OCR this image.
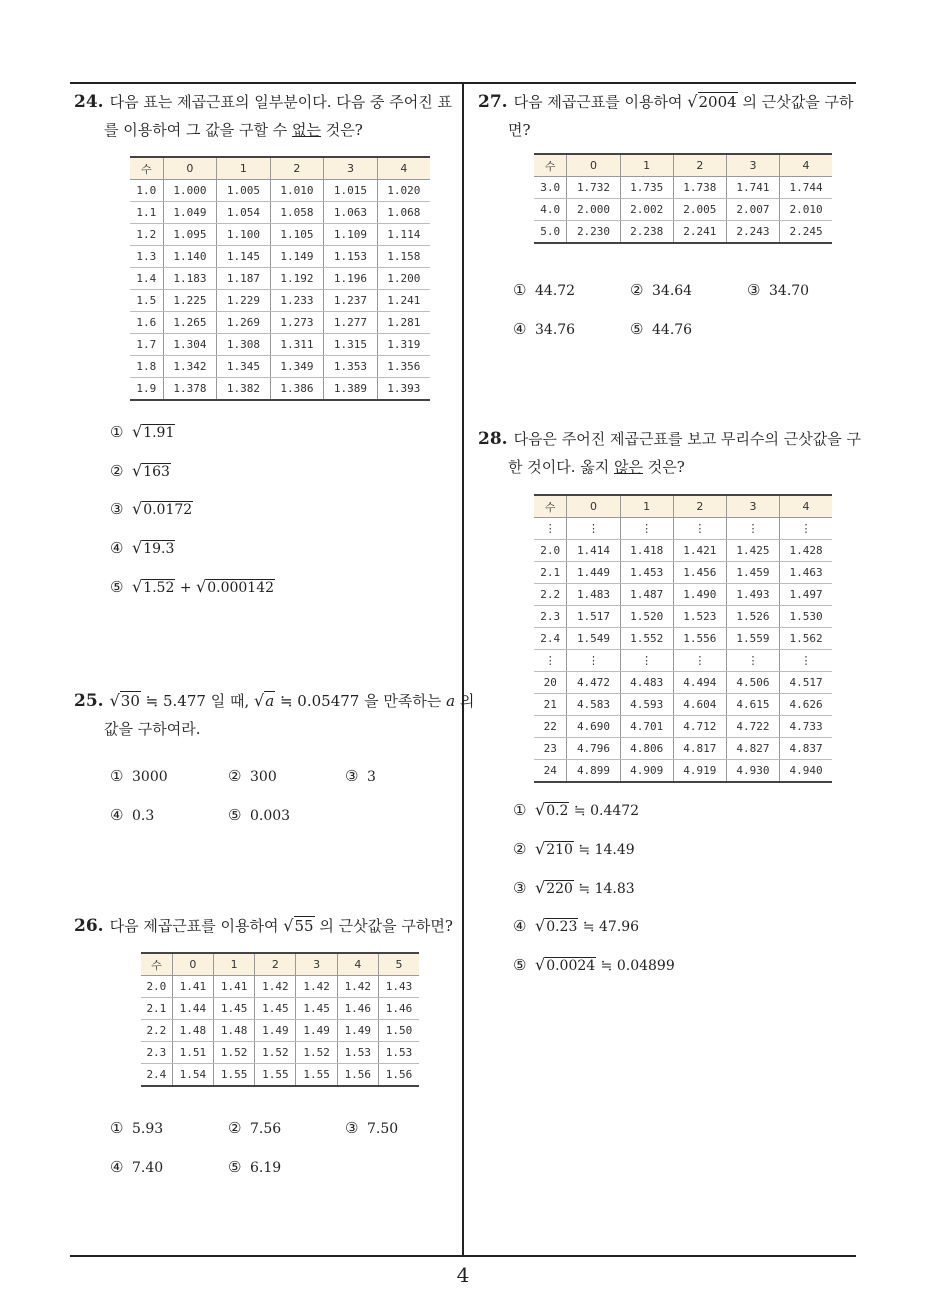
4
24. 다음 표는 제곱근표의 일부분이다. 다음 중 주어진 표
를 이용하여 그 값을 구할 수 없는 것은?
수	0	1	2	3	4
1.0	1.000	1.005	1.010	1.015	1.020
1.1	1.049	1.054	1.058	1.063	1.068
1.2	1.095	1.100	1.105	1.109	1.114
1.3	1.140	1.145	1.149	1.153	1.158
1.4	1.183	1.187	1.192	1.196	1.200
1.5	1.225	1.229	1.233	1.237	1.241
1.6	1.265	1.269	1.273	1.277	1.281
1.7	1.304	1.308	1.311	1.315	1.319
1.8	1.342	1.345	1.349	1.353	1.356
1.9	1.378	1.382	1.386	1.389	1.393
① √1.91
② √163
③ √0.0172
④ √19.3
⑤ √1.52 + √0.000142
25. √30 ≒ 5.477 일 때, √a ≒ 0.05477 을 만족하는 a 의
값을 구하여라.
① 3000	② 300	③ 3
④ 0.3	⑤ 0.003
26. 다음 제곱근표를 이용하여 √55 의 근삿값을 구하면?
수	0	1	2	3	4	5
2.0	1.41	1.41	1.42	1.42	1.42	1.43
2.1	1.44	1.45	1.45	1.45	1.46	1.46
2.2	1.48	1.48	1.49	1.49	1.49	1.50
2.3	1.51	1.52	1.52	1.52	1.53	1.53
2.4	1.54	1.55	1.55	1.55	1.56	1.56
① 5.93	② 7.56	③ 7.50
④ 7.40	⑤ 6.19
27. 다음 제곱근표를 이용하여 √2004 의 근삿값을 구하
면?
수	0	1	2	3	4
3.0	1.732	1.735	1.738	1.741	1.744
4.0	2.000	2.002	2.005	2.007	2.010
5.0	2.230	2.238	2.241	2.243	2.245
① 44.72	② 34.64	③ 34.70
④ 34.76	⑤ 44.76
28. 다음은 주어진 제곱근표를 보고 무리수의 근삿값을 구
한 것이다. 옳지 않은 것은?
수	0	1	2	3	4
⋮	⋮	⋮	⋮	⋮	⋮
2.0	1.414	1.418	1.421	1.425	1.428
2.1	1.449	1.453	1.456	1.459	1.463
2.2	1.483	1.487	1.490	1.493	1.497
2.3	1.517	1.520	1.523	1.526	1.530
2.4	1.549	1.552	1.556	1.559	1.562
⋮	⋮	⋮	⋮	⋮	⋮
20	4.472	4.483	4.494	4.506	4.517
21	4.583	4.593	4.604	4.615	4.626
22	4.690	4.701	4.712	4.722	4.733
23	4.796	4.806	4.817	4.827	4.837
24	4.899	4.909	4.919	4.930	4.940
① √0.2 ≒ 0.4472
② √210 ≒ 14.49
③ √220 ≒ 14.83
④ √0.23 ≒ 47.96
⑤ √0.0024 ≒ 0.04899
